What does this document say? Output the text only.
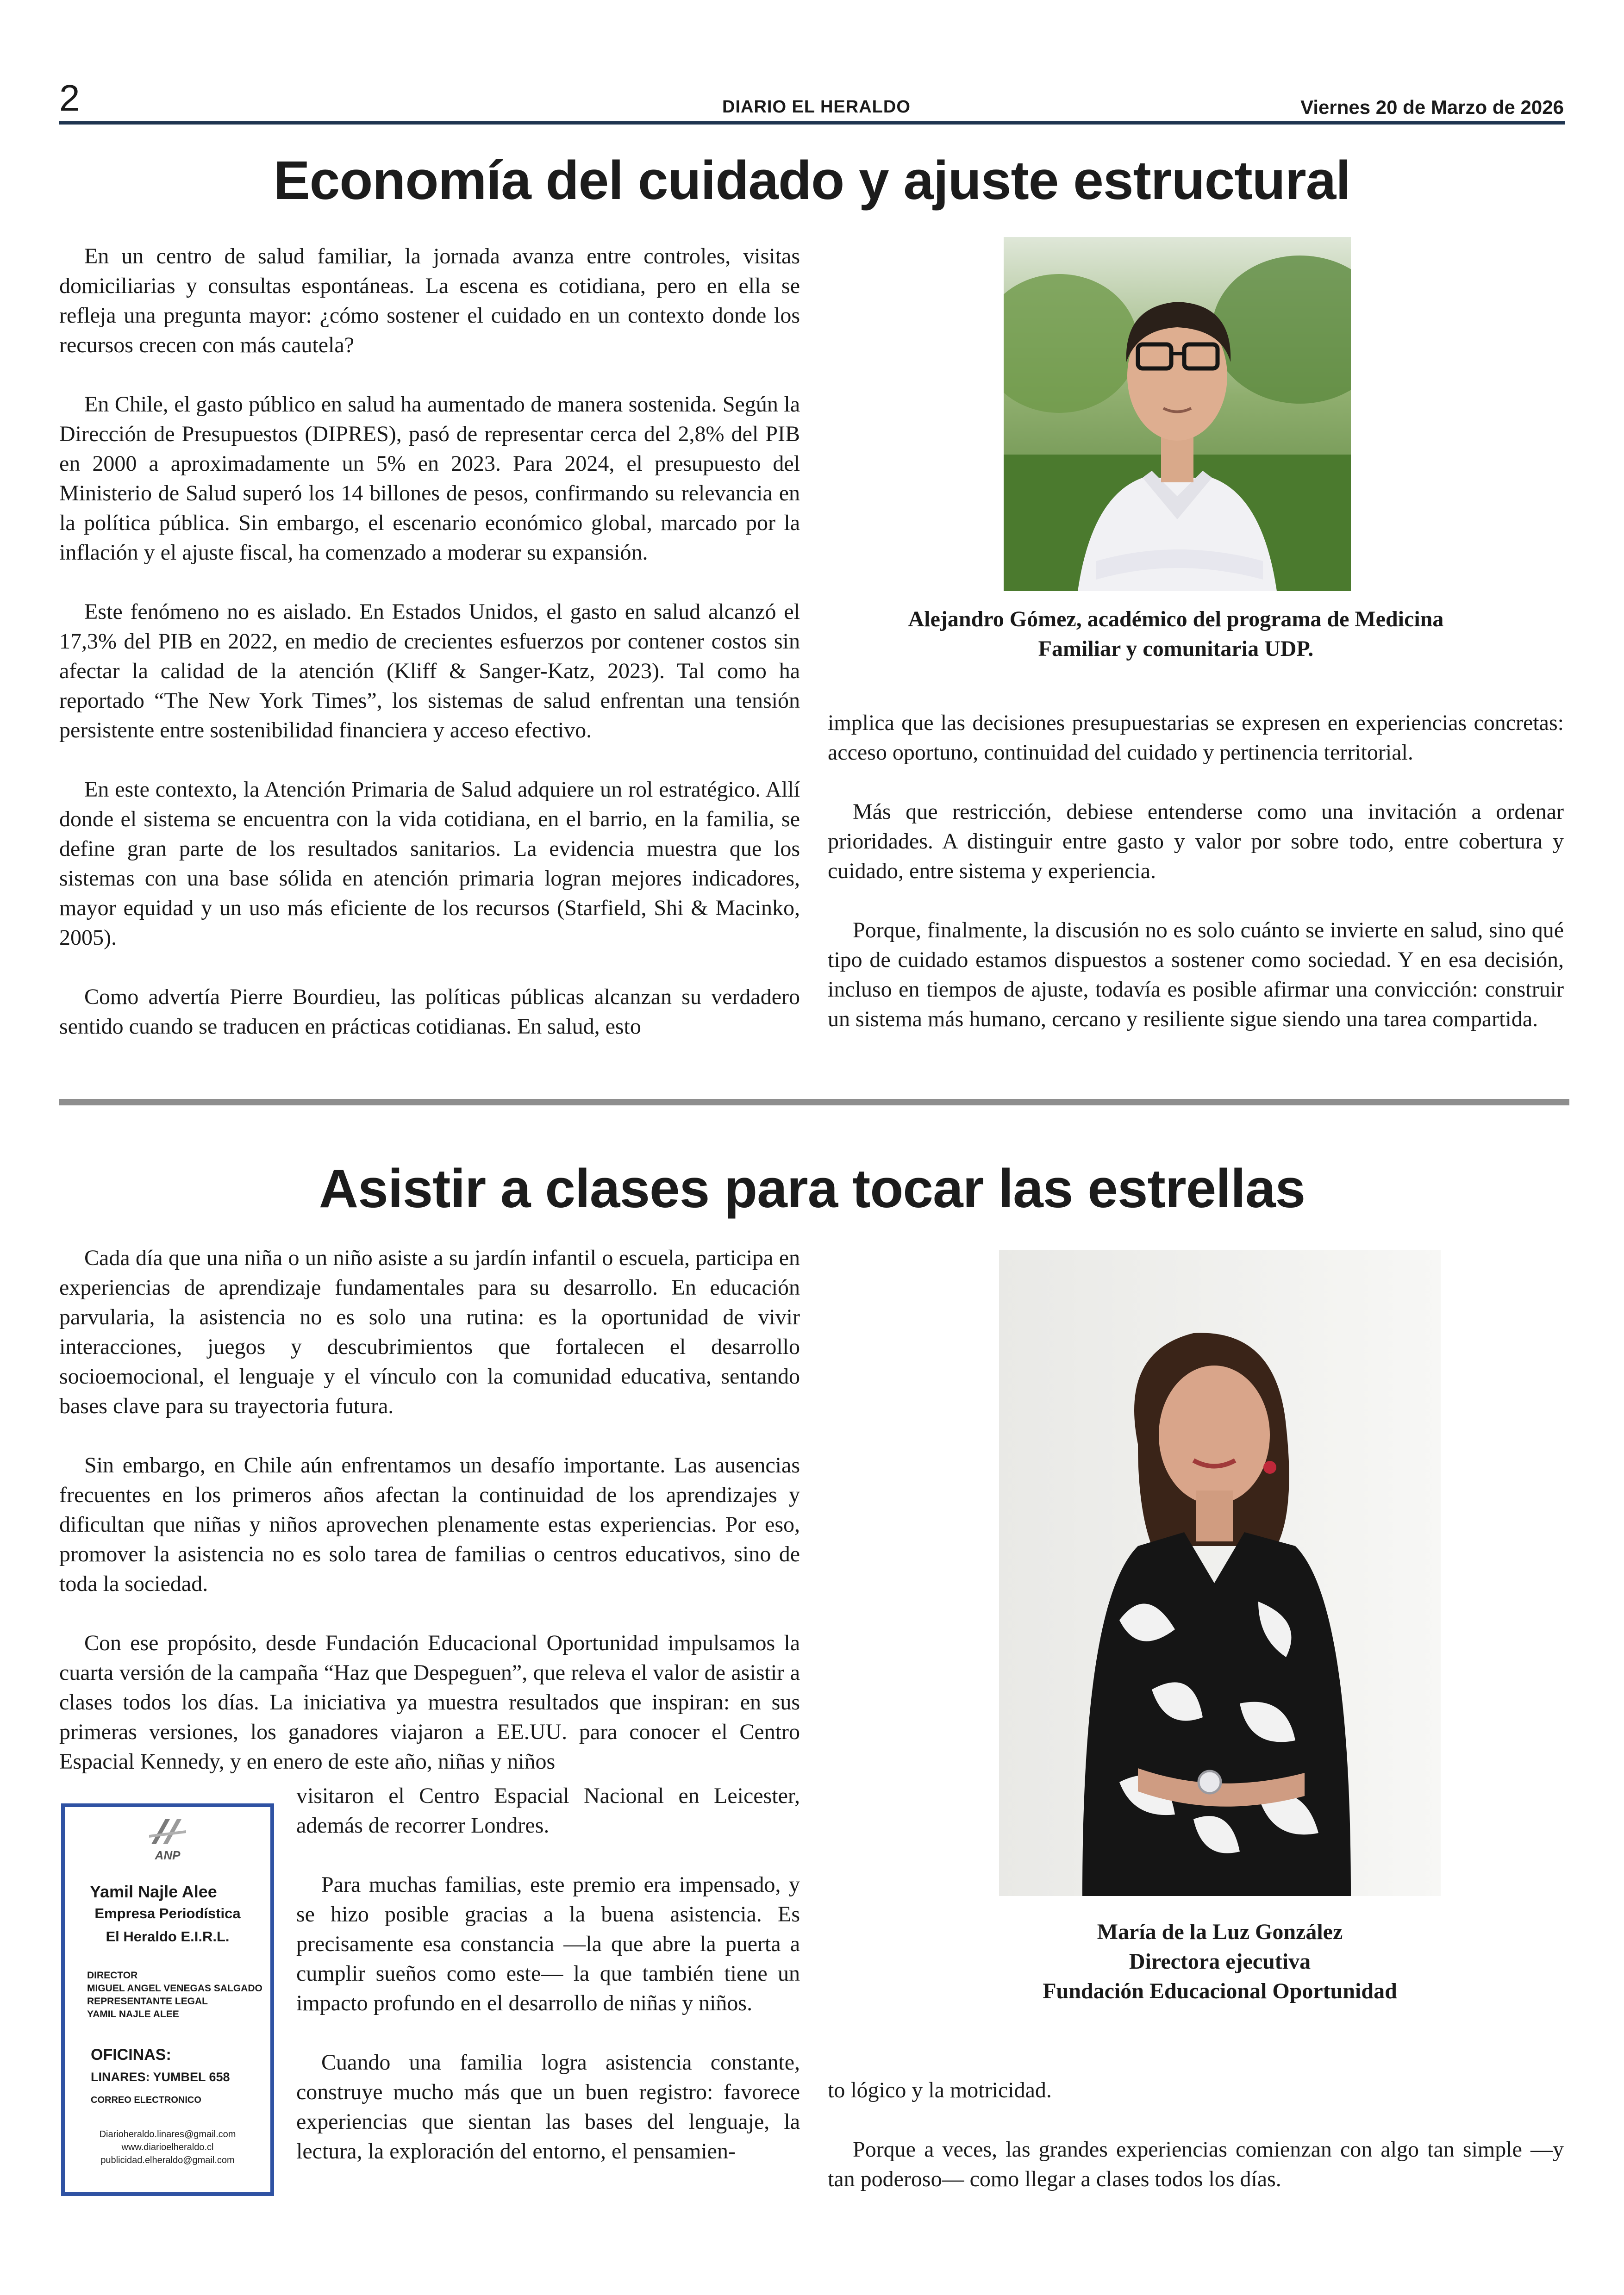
2	DIARIO EL HERALDO	Viernes 20 de Marzo de 2026
Economía del cuidado y ajuste estructural

En un centro de salud familiar, la jornada avanza entre controles, visitas domiciliarias y consultas espontáneas. La escena es cotidiana, pero en ella se refleja una pregunta mayor: ¿cómo sostener el cuidado en un contexto donde los recursos crecen con más cautela?

En Chile, el gasto público en salud ha aumentado de manera sostenida. Según la Dirección de Presupuestos (DIPRES), pasó de representar cerca del 2,8% del PIB en 2000 a aproximadamente un 5% en 2023. Para 2024, el presupuesto del Ministerio de Salud superó los 14 billones de pesos, confirmando su relevancia en la política pública. Sin embargo, el escenario económico global, marcado por la inflación y el ajuste fiscal, ha comenzado a moderar su expansión.

Este fenómeno no es aislado. En Estados Unidos, el gasto en salud alcanzó el 17,3% del PIB en 2022, en medio de crecientes esfuerzos por contener costos sin afectar la calidad de la atención (Kliff & Sanger-Katz, 2023). Tal como ha reportado “The New York Times”, los sistemas de salud enfrentan una tensión persistente entre sostenibilidad financiera y acceso efectivo.

En este contexto, la Atención Primaria de Salud adquiere un rol estratégico. Allí donde el sistema se encuentra con la vida cotidiana, en el barrio, en la familia, se define gran parte de los resultados sanitarios. La evidencia muestra que los sistemas con una base sólida en atención primaria logran mejores indicadores, mayor equidad y un uso más eficiente de los recursos (Starfield, Shi & Macinko, 2005).

Como advertía Pierre Bourdieu, las políticas públicas alcanzan su verdadero sentido cuando se traducen en prácticas cotidianas. En salud, esto

Alejandro Gómez, académico del programa de Medicina
Familiar y comunitaria UDP.

implica que las decisiones presupuestarias se expresen en experiencias concretas: acceso oportuno, continuidad del cuidado y pertinencia territorial.

Más que restricción, debiese entenderse como una invitación a ordenar prioridades. A distinguir entre gasto y valor por sobre todo, entre cobertura y cuidado, entre sistema y experiencia.

Porque, finalmente, la discusión no es solo cuánto se invierte en salud, sino qué tipo de cuidado estamos dispuestos a sostener como sociedad. Y en esa decisión, incluso en tiempos de ajuste, todavía es posible afirmar una convicción: construir un sistema más humano, cercano y resiliente sigue siendo una tarea compartida.

Asistir a clases para tocar las estrellas

Cada día que una niña o un niño asiste a su jardín infantil o escuela, participa en experiencias de aprendizaje fundamentales para su desarrollo. En educación parvularia, la asistencia no es solo una rutina: es la oportunidad de vivir interacciones, juegos y descubrimientos que fortalecen el desarrollo socioemocional, el lenguaje y el vínculo con la comunidad educativa, sentando bases clave para su trayectoria futura.

Sin embargo, en Chile aún enfrentamos un desafío importante. Las ausencias frecuentes en los primeros años afectan la continuidad de los aprendizajes y dificultan que niñas y niños aprovechen plenamente estas experiencias. Por eso, promover la asistencia no es solo tarea de familias o centros educativos, sino de toda la sociedad.

Con ese propósito, desde Fundación Educacional Oportunidad impulsamos la cuarta versión de la campaña “Haz que Despeguen”, que releva el valor de asistir a clases todos los días. La iniciativa ya muestra resultados que inspiran: en sus primeras versiones, los ganadores viajaron a EE.UU. para conocer el Centro Espacial Kennedy, y en enero de este año, niñas y niños

visitaron el Centro Espacial Nacional en Leicester, además de recorrer Londres.

Para muchas familias, este premio era impensado, y se hizo posible gracias a la buena asistencia. Es precisamente esa constancia —la que abre la puerta a cumplir sueños como este— la que también tiene un impacto profundo en el desarrollo de niñas y niños.

Cuando una familia logra asistencia constante, construye mucho más que un buen registro: favorece experiencias que sientan las bases del lenguaje, la lectura, la exploración del entorno, el pensamien-

María de la Luz González
Directora ejecutiva
Fundación Educacional Oportunidad

to lógico y la motricidad.

Porque a veces, las grandes experiencias comienzan con algo tan simple —y tan poderoso— como llegar a clases todos los días.

ANP
Yamil Najle Alee
Empresa Periodística
El Heraldo E.I.R.L.
DIRECTOR
MIGUEL ANGEL VENEGAS SALGADO
REPRESENTANTE LEGAL
YAMIL NAJLE ALEE
OFICINAS:
LINARES: YUMBEL 658
CORREO ELECTRONICO
Diarioheraldo.linares@gmail.com
www.diarioelheraldo.cl
publicidad.elheraldo@gmail.com
